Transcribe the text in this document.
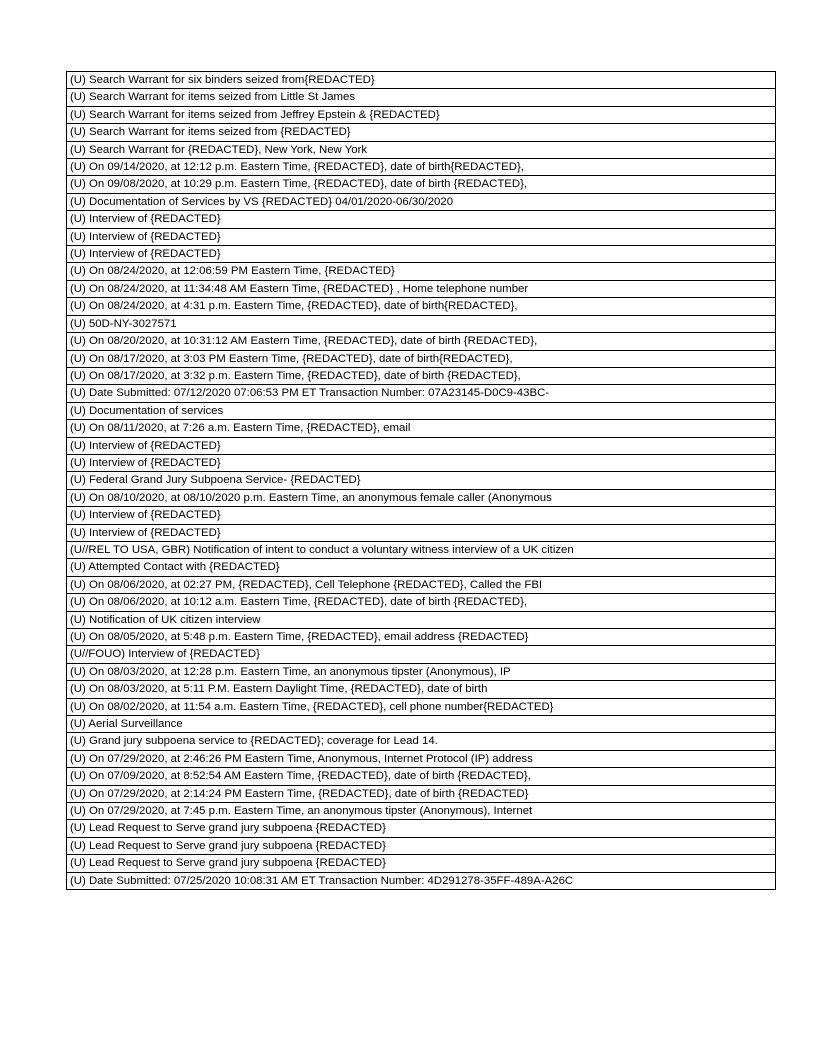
(U) Search Warrant for six binders seized from{REDACTED}
(U) Search Warrant for items seized from Little St James
(U) Search Warrant for items seized from Jeffrey Epstein & {REDACTED}
(U) Search Warrant for items seized from {REDACTED}
(U) Search Warrant for {REDACTED}, New York, New York
(U) On 09/14/2020, at 12:12 p.m. Eastern Time, {REDACTED}, date of birth{REDACTED},
(U) On 09/08/2020, at 10:29 p.m. Eastern Time, {REDACTED}, date of birth {REDACTED},
(U) Documentation of Services by VS {REDACTED} 04/01/2020-06/30/2020
(U) Interview of {REDACTED}
(U) Interview of {REDACTED}
(U) Interview of {REDACTED}
(U) On 08/24/2020, at 12:06:59 PM Eastern Time, {REDACTED}
(U) On 08/24/2020, at 11:34:48 AM Eastern Time, {REDACTED} , Home telephone number
(U) On 08/24/2020, at 4:31 p.m. Eastern Time, {REDACTED}, date of birth{REDACTED},
(U) 50D-NY-3027571
(U) On 08/20/2020, at 10:31:12 AM Eastern Time, {REDACTED}, date of birth {REDACTED},
(U) On 08/17/2020, at 3:03 PM Eastern Time, {REDACTED}, date of birth{REDACTED},
(U) On 08/17/2020, at 3:32 p.m. Eastern Time, {REDACTED}, date of birth {REDACTED},
(U) Date Submitted: 07/12/2020 07:06:53 PM ET Transaction Number: 07A23145-D0C9-43BC-
(U) Documentation of services
(U) On 08/11/2020, at 7:26 a.m. Eastern Time, {REDACTED}, email
(U) Interview of {REDACTED}
(U) Interview of {REDACTED}
(U) Federal Grand Jury Subpoena Service- {REDACTED}
(U) On 08/10/2020, at 08/10/2020 p.m. Eastern Time, an anonymous female caller (Anonymous
(U) Interview of {REDACTED}
(U) Interview of {REDACTED}
(U//REL TO USA, GBR) Notification of intent to conduct a voluntary witness interview of a UK citizen
(U) Attempted Contact with {REDACTED}
(U) On 08/06/2020, at 02:27 PM, {REDACTED}, Cell Telephone {REDACTED}, Called the FBI
(U) On 08/06/2020, at 10:12 a.m. Eastern Time, {REDACTED}, date of birth {REDACTED},
(U) Notification of UK citizen interview
(U) On 08/05/2020, at 5:48 p.m. Eastern Time, {REDACTED}, email address {REDACTED}
(U//FOUO) Interview of {REDACTED}
(U) On 08/03/2020, at 12:28 p.m. Eastern Time, an anonymous tipster (Anonymous), IP
(U) On 08/03/2020, at 5:11 P.M. Eastern Daylight Time, {REDACTED}, date of birth
(U) On 08/02/2020, at 11:54 a.m. Eastern Time, {REDACTED}, cell phone number{REDACTED}
(U) Aerial Surveillance
(U) Grand jury subpoena service to {REDACTED}; coverage for Lead 14.
(U) On 07/29/2020, at 2:46:26 PM Eastern Time, Anonymous, Internet Protocol (IP) address
(U) On 07/09/2020, at 8:52:54 AM Eastern Time, {REDACTED}, date of birth {REDACTED},
(U) On 07/29/2020, at 2:14:24 PM Eastern Time, {REDACTED}, date of birth {REDACTED}
(U) On 07/29/2020, at 7:45 p.m. Eastern Time, an anonymous tipster (Anonymous), Internet
(U) Lead Request to Serve grand jury subpoena {REDACTED}
(U) Lead Request to Serve grand jury subpoena {REDACTED}
(U) Lead Request to Serve grand jury subpoena {REDACTED}
(U) Date Submitted: 07/25/2020 10:08:31 AM ET Transaction Number: 4D291278-35FF-489A-A26C
